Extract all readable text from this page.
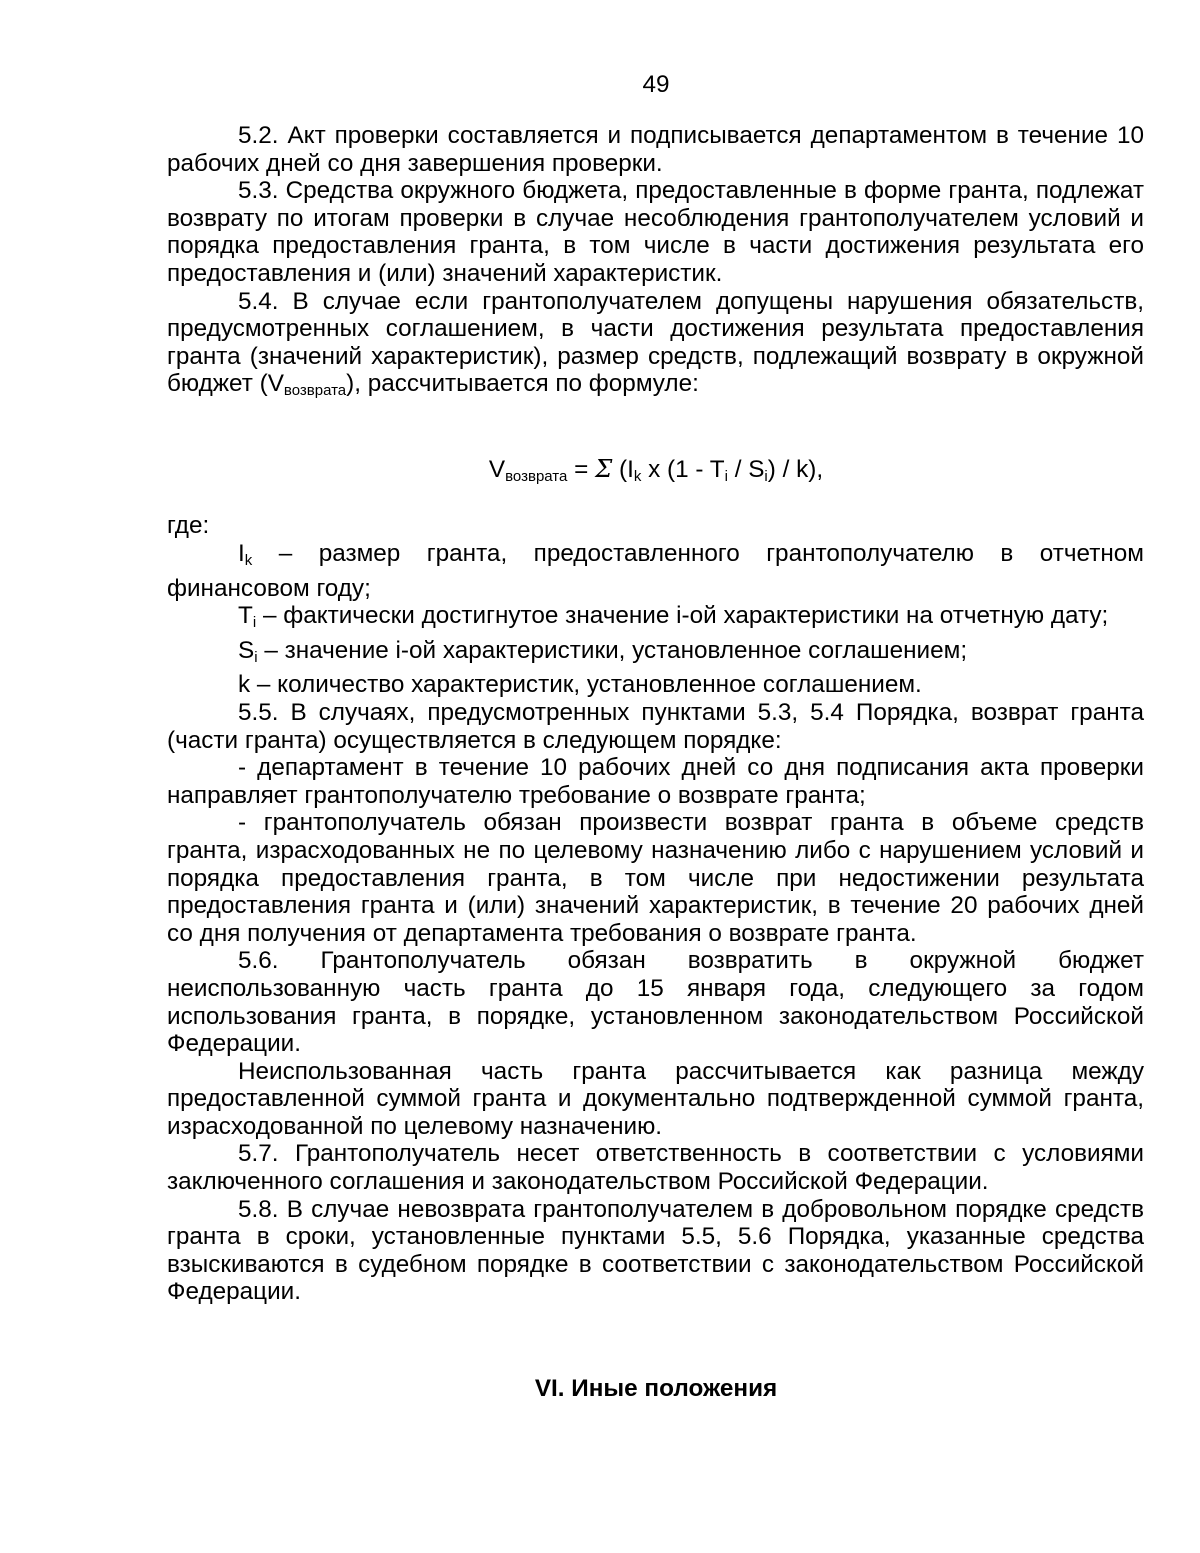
49

5.2. Акт проверки составляется и подписывается департаментом в течение 10 рабочих дней со дня завершения проверки.

5.3. Средства окружного бюджета, предоставленные в форме гранта, подлежат возврату по итогам проверки в случае несоблюдения грантополучателем условий и порядка предоставления гранта, в том числе в части достижения результата его предоставления и (или) значений характеристик.

5.4. В случае если грантополучателем допущены нарушения обязательств, предусмотренных соглашением, в части достижения результата предоставления гранта (значений характеристик), размер средств, подлежащий возврату в окружной бюджет $(V_{возврата})$, рассчитывается по формуле:

$V_{возврата} = \Sigma$ ($I_k$ x $(1 - T_i / S_i) / k$),
где:

$I_k$ – размер гранта, предоставленного грантополучателю в отчетном финансовом году;

$T_i$ – фактически достигнутое значение i-ой характеристики на отчетную дату;

$S_i$ – значение i-ой характеристики, установленное соглашением;

k – количество характеристик, установленное соглашением.

5.5. В случаях, предусмотренных пунктами 5.3, 5.4 Порядка, возврат гранта (части гранта) осуществляется в следующем порядке:

- департамент в течение 10 рабочих дней со дня подписания акта проверки направляет грантополучателю требование о возврате гранта;

- грантополучатель обязан произвести возврат гранта в объеме средств гранта, израсходованных не по целевому назначению либо с нарушением условий и порядка предоставления гранта, в том числе при недостижении результата предоставления гранта и (или) значений характеристик, в течение 20 рабочих дней со дня получения от департамента требования о возврате гранта.

5.6. Грантополучатель обязан возвратить в окружной бюджет неиспользованную часть гранта до 15 января года, следующего за годом использования гранта, в порядке, установленном законодательством Российской Федерации.

Неиспользованная часть гранта рассчитывается как разница между предоставленной суммой гранта и документально подтвержденной суммой гранта, израсходованной по целевому назначению.

5.7. Грантополучатель несет ответственность в соответствии с условиями заключенного соглашения и законодательством Российской Федерации.

5.8. В случае невозврата грантополучателем в добровольном порядке средств гранта в сроки, установленные пунктами 5.5, 5.6 Порядка, указанные средства взыскиваются в судебном порядке в соответствии с законодательством Российской Федерации.

VI. Иные положения
